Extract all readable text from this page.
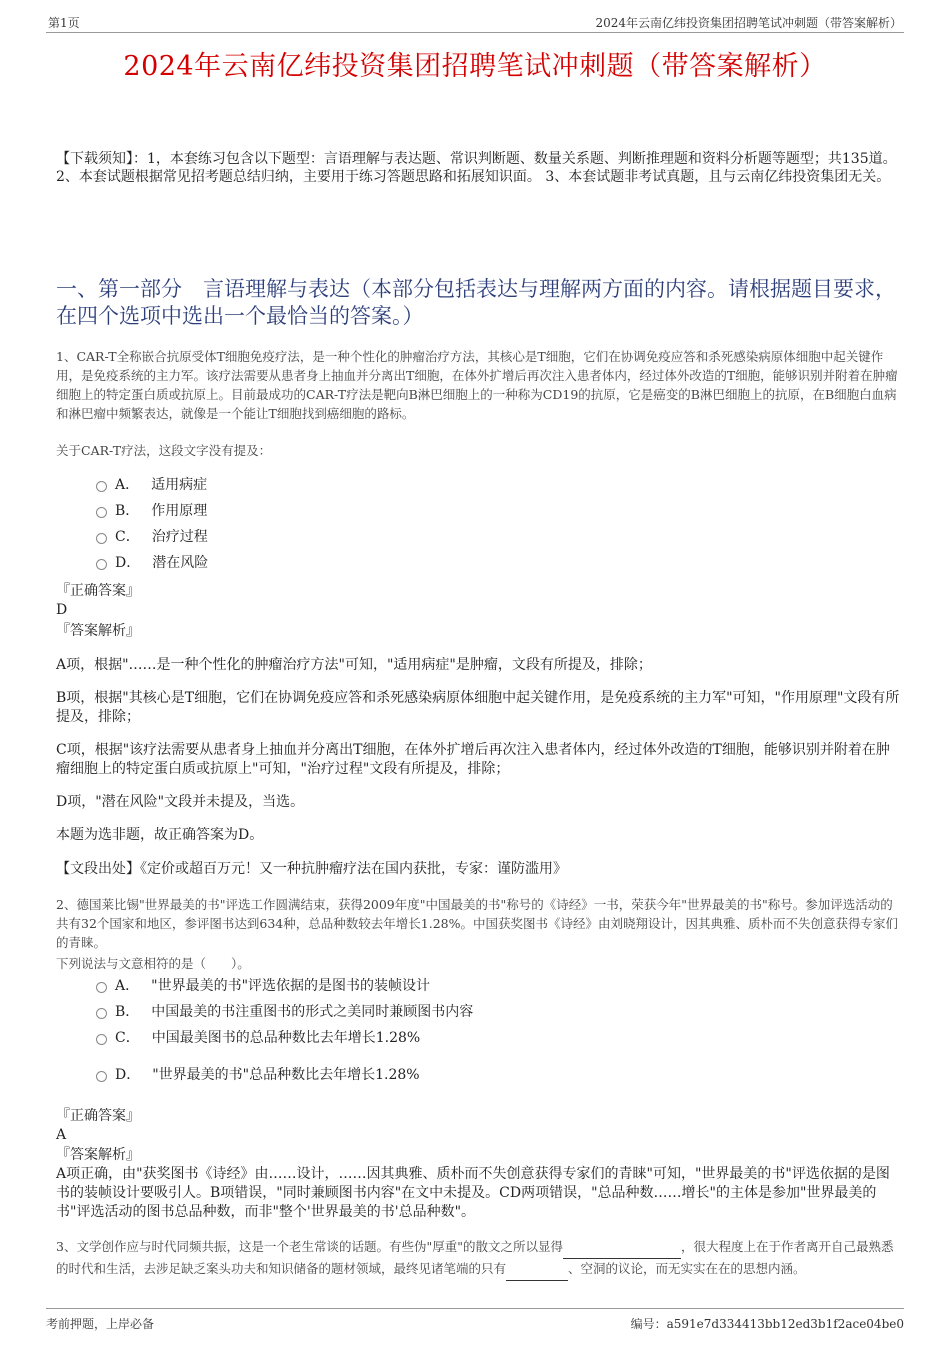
第1页	2024年云南亿纬投资集团招聘笔试冲刺题（带答案解析）
2024年云南亿纬投资集团招聘笔试冲刺题（带答案解析）
【下载须知】：1，本套练习包含以下题型：言语理解与表达题、常识判断题、数量关系题、判断推理题和资料分析题等题型；共135道。 2、本套试题根据常见招考题总结归纳，主要用于练习答题思路和拓展知识面。 3、本套试题非考试真题，且与云南亿纬投资集团无关。
一、第一部分　言语理解与表达（本部分包括表达与理解两方面的内容。请根据题目要求，在四个选项中选出一个最恰当的答案。）
1、CAR-T全称嵌合抗原受体T细胞免疫疗法，是一种个性化的肿瘤治疗方法，其核心是T细胞，它们在协调免疫应答和杀死感染病原体细胞中起关键作用，是免疫系统的主力军。该疗法需要从患者身上抽血并分离出T细胞，在体外扩增后再次注入患者体内，经过体外改造的T细胞，能够识别并附着在肿瘤细胞上的特定蛋白质或抗原上。目前最成功的CAR-T疗法是靶向B淋巴细胞上的一种称为CD19的抗原，它是癌变的B淋巴细胞上的抗原，在B细胞白血病和淋巴瘤中频繁表达，就像是一个能让T细胞找到癌细胞的路标。
关于CAR-T疗法，这段文字没有提及：
A． 适用病症
B． 作用原理
C． 治疗过程
D． 潜在风险
『正确答案』
D
『答案解析』
A项，根据"……是一种个性化的肿瘤治疗方法"可知，"适用病症"是肿瘤，文段有所提及，排除；
B项，根据"其核心是T细胞，它们在协调免疫应答和杀死感染病原体细胞中起关键作用，是免疫系统的主力军"可知，"作用原理"文段有所提及，排除；
C项，根据"该疗法需要从患者身上抽血并分离出T细胞，在体外扩增后再次注入患者体内，经过体外改造的T细胞，能够识别并附着在肿瘤细胞上的特定蛋白质或抗原上"可知，"治疗过程"文段有所提及，排除；
D项，"潜在风险"文段并未提及，当选。
本题为选非题，故正确答案为D。
【文段出处】《定价或超百万元！又一种抗肿瘤疗法在国内获批，专家：谨防滥用》
2、德国莱比锡"世界最美的书"评选工作圆满结束，获得2009年度"中国最美的书"称号的《诗经》一书，荣获今年"世界最美的书"称号。参加评选活动的共有32个国家和地区，参评图书达到634种，总品种数较去年增长1.28%。中国获奖图书《诗经》由刘晓翔设计，因其典雅、质朴而不失创意获得专家们的青睐。
下列说法与文意相符的是（　　）。
A． "世界最美的书"评选依据的是图书的装帧设计
B． 中国最美的书注重图书的形式之美同时兼顾图书内容
C． 中国最美图书的总品种数比去年增长1.28%
D． "世界最美的书"总品种数比去年增长1.28%
『正确答案』
A
『答案解析』
A项正确，由"获奖图书《诗经》由……设计，……因其典雅、质朴而不失创意获得专家们的青睐"可知，"世界最美的书"评选依据的是图书的装帧设计要吸引人。B项错误，"同时兼顾图书内容"在文中未提及。CD两项错误，"总品种数……增长"的主体是参加"世界最美的书"评选活动的图书总品种数，而非"整个'世界最美的书'总品种数"。
3、文学创作应与时代同频共振，这是一个老生常谈的话题。有些伪"厚重"的散文之所以显得	，很大程度上在于作者离开自己最熟悉的时代和生活，去涉足缺乏案头功夫和知识储备的题材领域，最终见诸笔端的只有	、空洞的议论，而无实实在在的思想内涵。
考前押题，上岸必备	编号：a591e7d334413bb12ed3b1f2ace04be0
